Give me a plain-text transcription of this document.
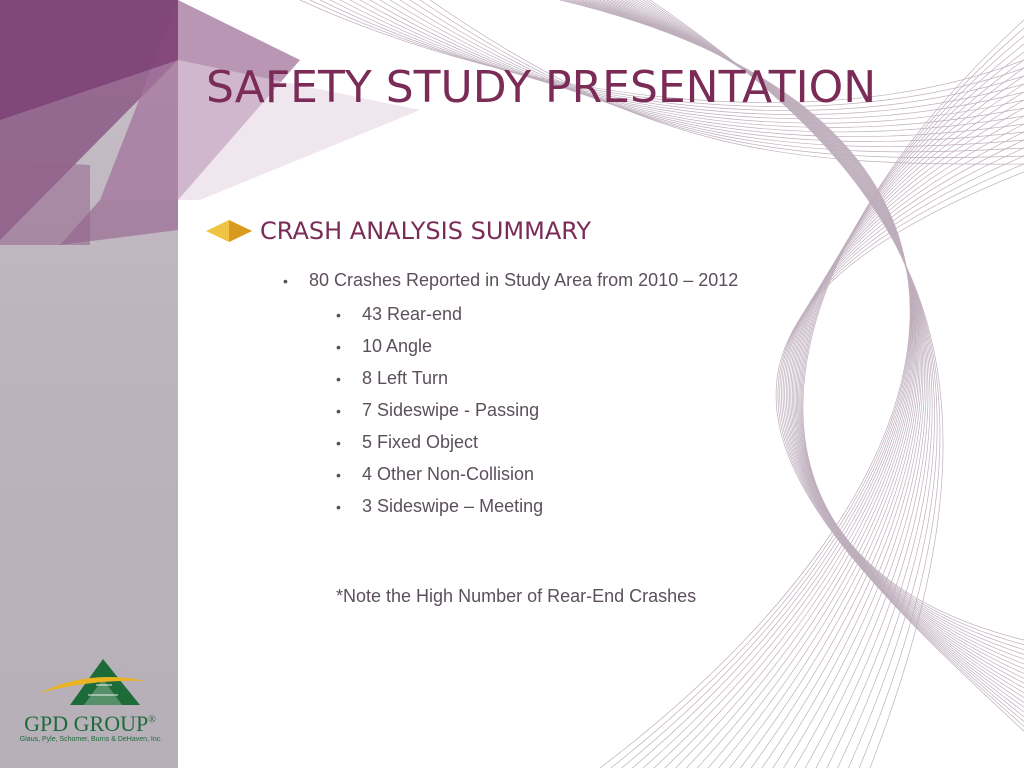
SAFETY STUDY PRESENTATION
CRASH ANALYSIS SUMMARY
• 80 Crashes Reported in Study Area from 2010 – 2012
• 43 Rear-end
• 10 Angle
• 8 Left Turn
• 7 Sideswipe - Passing
• 5 Fixed Object
• 4 Other Non-Collision
• 3 Sideswipe – Meeting
*Note the High Number of Rear-End Crashes
GPD GROUP®
Glaus, Pyle, Schomer, Burns & DeHaven, Inc.
